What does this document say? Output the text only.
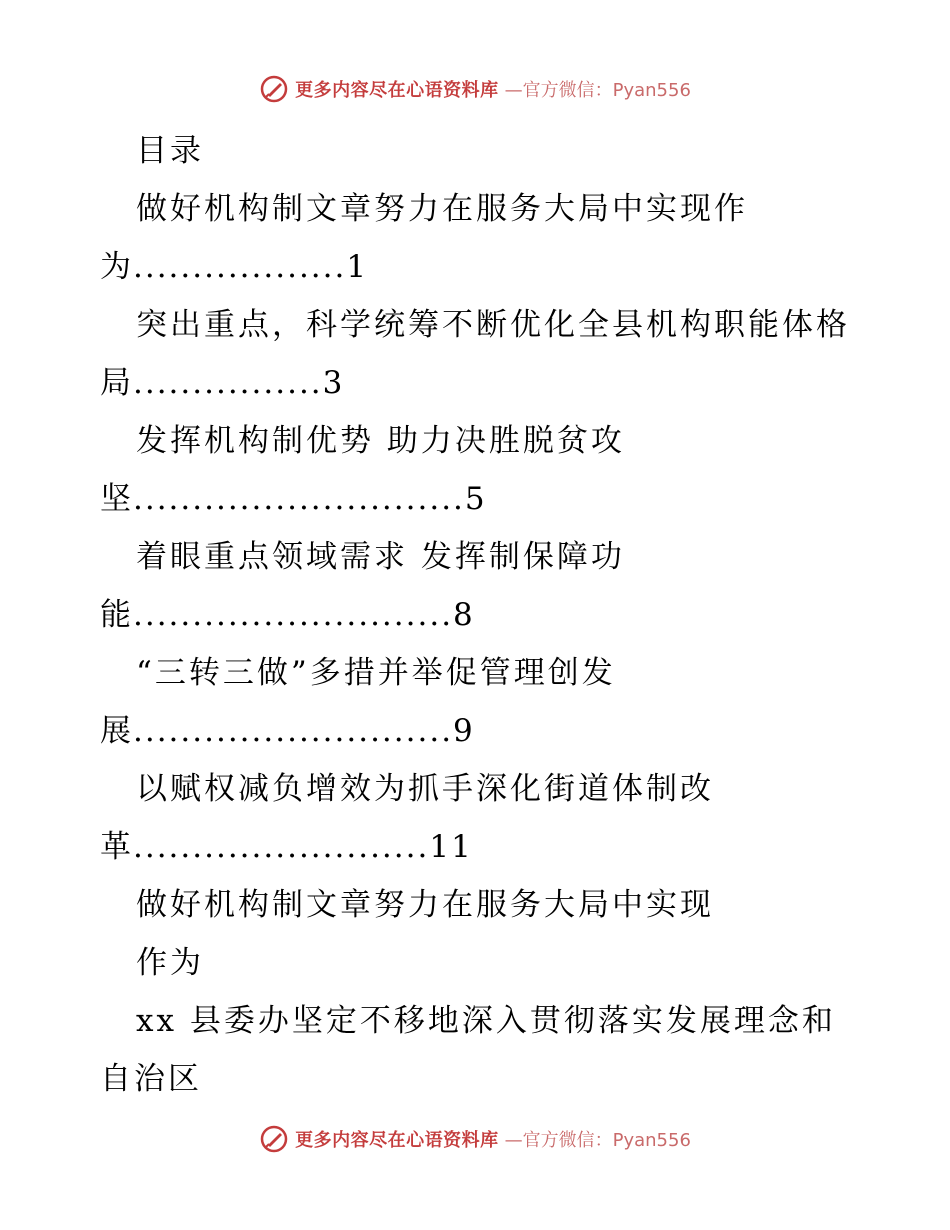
更多内容尽在心语资料库 —官方微信：Pyan556
目录
做好机构制文章努力在服务大局中实现作
为..................1
突出重点，科学统筹不断优化全县机构职能体格
局................3
发挥机构制优势 助力决胜脱贫攻
坚............................5
着眼重点领域需求 发挥制保障功
能...........................8
“三转三做”多措并举促管理创发
展...........................9
以赋权减负增效为抓手深化街道体制改
革.........................11
做好机构制文章努力在服务大局中实现
作为
xx 县委办坚定不移地深入贯彻落实发展理念和
自治区
更多内容尽在心语资料库 —官方微信：Pyan556
